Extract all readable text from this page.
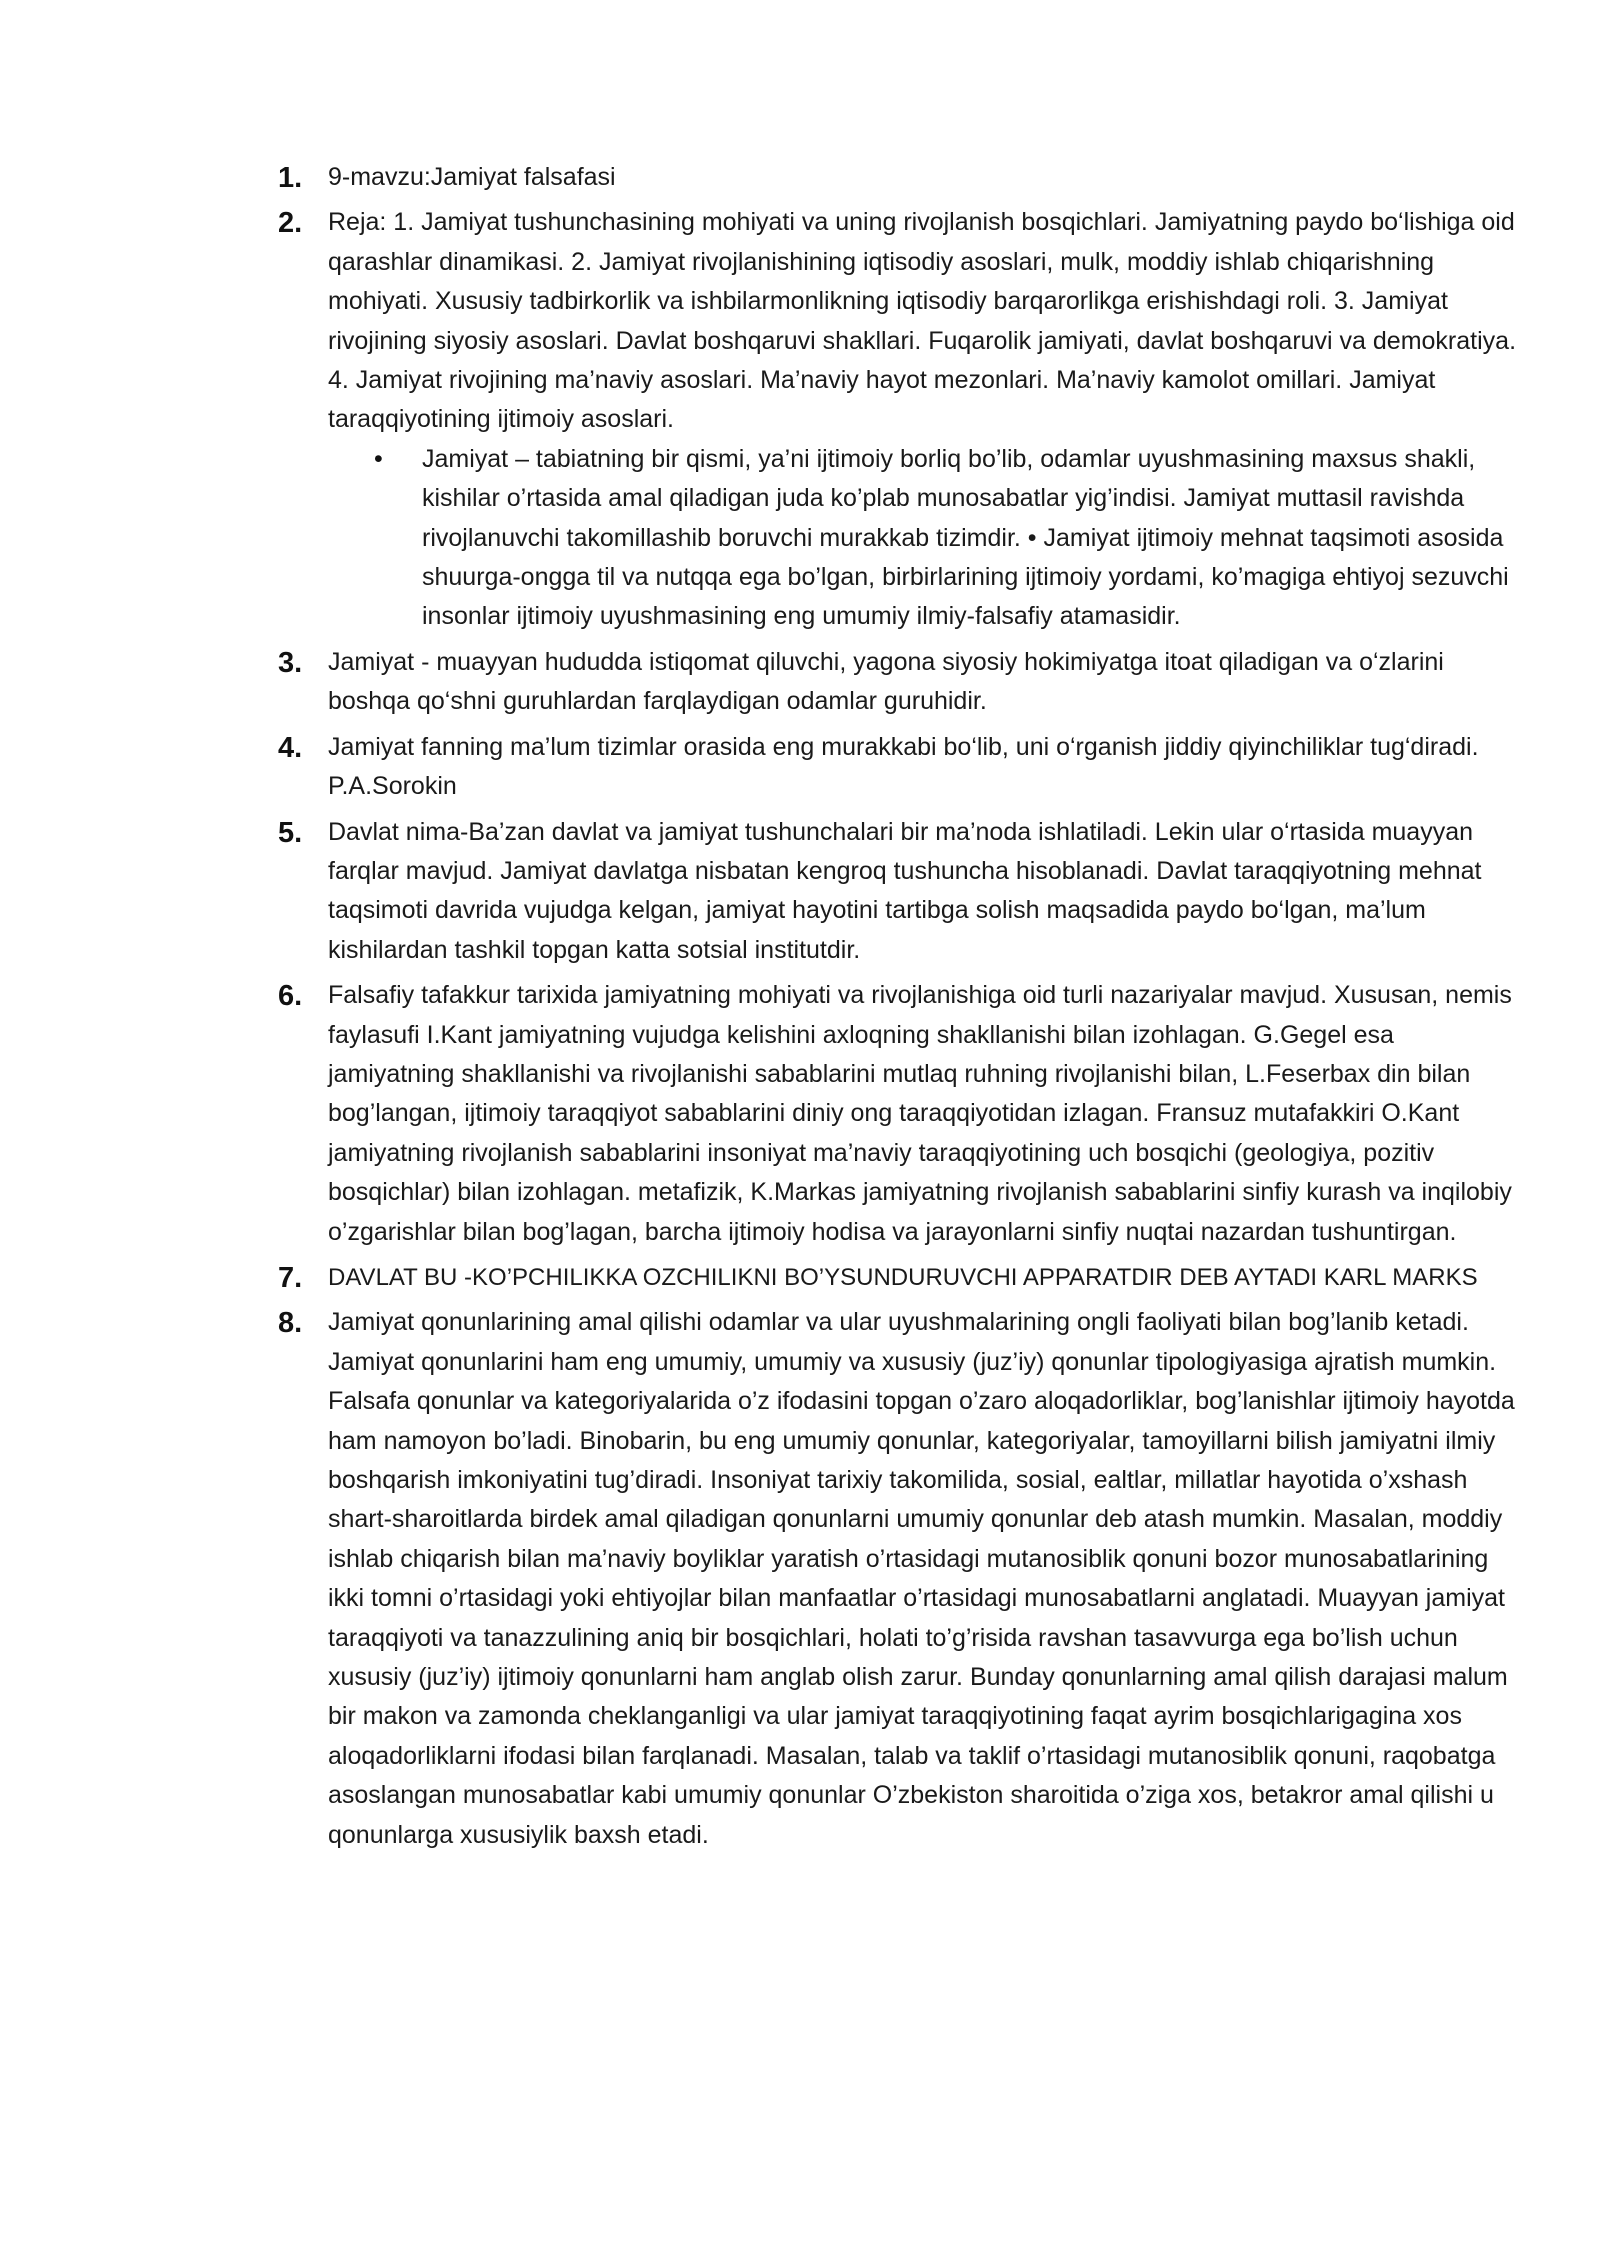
1.	9-mavzu:Jamiyat falsafasi
2.	Reja: 1. Jamiyat tushunchasining mohiyati va uning rivojlanish bosqichlari. Jamiyatning paydo bo‘lishiga oid qarashlar dinamikasi. 2. Jamiyat rivojlanishining iqtisodiy asoslari, mulk, moddiy ishlab chiqarishning mohiyati. Xususiy tadbirkorlik va ishbilarmonlikning iqtisodiy barqarorlikga erishishdagi roli. 3. Jamiyat rivojining siyosiy asoslari. Davlat boshqaruvi shakllari. Fuqarolik jamiyati, davlat boshqaruvi va demokratiya. 4. Jamiyat rivojining ma’naviy asoslari. Ma’naviy hayot mezonlari. Ma’naviy kamolot omillari. Jamiyat taraqqiyotining ijtimoiy asoslari.
• Jamiyat – tabiatning bir qismi, ya’ni ijtimoiy borliq bo’lib, odamlar uyushmasining maxsus shakli, kishilar o’rtasida amal qiladigan juda ko’plab munosabatlar yig’indisi. Jamiyat muttasil ravishda rivojlanuvchi takomillashib boruvchi murakkab tizimdir. • Jamiyat ijtimoiy mehnat taqsimoti asosida shuurga-ongga til va nutqqa ega bo’lgan, birbirlarining ijtimoiy yordami, ko’magiga ehtiyoj sezuvchi insonlar ijtimoiy uyushmasining eng umumiy ilmiy-falsafiy atamasidir.
3.	Jamiyat - muayyan hududda istiqomat qiluvchi, yagona siyosiy hokimiyatga itoat qiladigan va o‘zlarini boshqa qo‘shni guruhlardan farqlaydigan odamlar guruhidir.
4.	Jamiyat fanning ma’lum tizimlar orasida eng murakkabi bo‘lib, uni o‘rganish jiddiy qiyinchiliklar tug‘diradi. P.A.Sorokin
5.	Davlat nima-Ba’zan davlat va jamiyat tushunchalari bir ma’noda ishlatiladi. Lekin ular o‘rtasida muayyan farqlar mavjud. Jamiyat davlatga nisbatan kengroq tushuncha hisoblanadi. Davlat taraqqiyotning mehnat taqsimoti davrida vujudga kelgan, jamiyat hayotini tartibga solish maqsadida paydo bo‘lgan, ma’lum kishilardan tashkil topgan katta sotsial institutdir.
6.	Falsafiy tafakkur tarixida jamiyatning mohiyati va rivojlanishiga oid turli nazariyalar mavjud. Xususan, nemis faylasufi I.Kant jamiyatning vujudga kelishini axloqning shakllanishi bilan izohlagan. G.Gegel esa jamiyatning shakllanishi va rivojlanishi sabablarini mutlaq ruhning rivojlanishi bilan, L.Feserbax din bilan bog’langan, ijtimoiy taraqqiyot sabablarini diniy ong taraqqiyotidan izlagan. Fransuz mutafakkiri O.Kant jamiyatning rivojlanish sabablarini insoniyat ma’naviy taraqqiyotining uch bosqichi (geologiya, pozitiv bosqichlar) bilan izohlagan. metafizik, K.Markas jamiyatning rivojlanish sabablarini sinfiy kurash va inqilobiy o’zgarishlar bilan bog’lagan, barcha ijtimoiy hodisa va jarayonlarni sinfiy nuqtai nazardan tushuntirgan.
7.	DAVLAT BU -KO’PCHILIKKA OZCHILIKNI BO’YSUNDURUVCHI APPARATDIR DEB AYTADI KARL MARKS
8.	Jamiyat qonunlarining amal qilishi odamlar va ular uyushmalarining ongli faoliyati bilan bog’lanib ketadi. Jamiyat qonunlarini ham eng umumiy, umumiy va xususiy (juz’iy) qonunlar tipologiyasiga ajratish mumkin. Falsafa qonunlar va kategoriyalarida o’z ifodasini topgan o’zaro aloqadorliklar, bog’lanishlar ijtimoiy hayotda ham namoyon bo’ladi. Binobarin, bu eng umumiy qonunlar, kategoriyalar, tamoyillarni bilish jamiyatni ilmiy boshqarish imkoniyatini tug’diradi. Insoniyat tarixiy takomilida, sosial, ealtlar, millatlar hayotida o’xshash shart-sharoitlarda birdek amal qiladigan qonunlarni umumiy qonunlar deb atash mumkin. Masalan, moddiy ishlab chiqarish bilan ma’naviy boyliklar yaratish o’rtasidagi mutanosiblik qonuni bozor munosabatlarining ikki tomni o’rtasidagi yoki ehtiyojlar bilan manfaatlar o’rtasidagi munosabatlarni anglatadi. Muayyan jamiyat taraqqiyoti va tanazzulining aniq bir bosqichlari, holati to’g’risida ravshan tasavvurga ega bo’lish uchun xususiy (juz’iy) ijtimoiy qonunlarni ham anglab olish zarur. Bunday qonunlarning amal qilish darajasi malum bir makon va zamonda cheklanganligi va ular jamiyat taraqqiyotining faqat ayrim bosqichlarigagina xos aloqadorliklarni ifodasi bilan farqlanadi. Masalan, talab va taklif o’rtasidagi mutanosiblik qonuni, raqobatga asoslangan munosabatlar kabi umumiy qonunlar O’zbekiston sharoitida o’ziga xos, betakror amal qilishi u qonunlarga xususiylik baxsh etadi.
